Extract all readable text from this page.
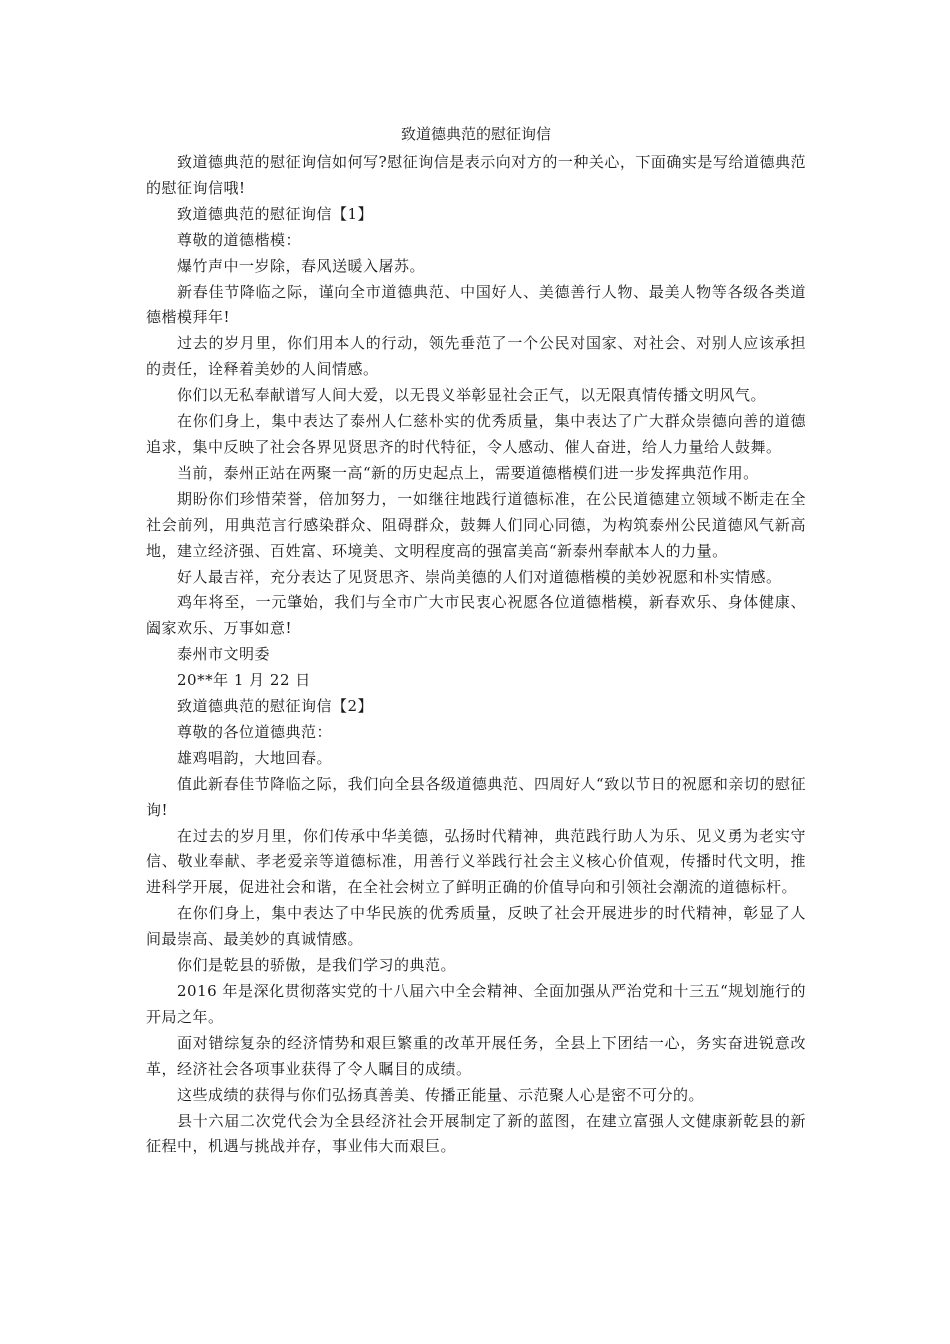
致道德典范的慰征询信

致道德典范的慰征询信如何写?慰征询信是表示向对方的一种关心，下面确实是写给道德典范的慰征询信哦!

致道德典范的慰征询信【1】

尊敬的道德楷模：

爆竹声中一岁除，春风送暖入屠苏。

新春佳节降临之际，谨向全市道德典范、中国好人、美德善行人物、最美人物等各级各类道德楷模拜年!

过去的岁月里，你们用本人的行动，领先垂范了一个公民对国家、对社会、对别人应该承担的责任，诠释着美妙的人间情感。

你们以无私奉献谱写人间大爱，以无畏义举彰显社会正气，以无限真情传播文明风气。

在你们身上，集中表达了泰州人仁慈朴实的优秀质量，集中表达了广大群众崇德向善的道德追求，集中反映了社会各界见贤思齐的时代特征，令人感动、催人奋进，给人力量给人鼓舞。

当前，泰州正站在两聚一高“新的历史起点上，需要道德楷模们进一步发挥典范作用。

期盼你们珍惜荣誉，倍加努力，一如继往地践行道德标准，在公民道德建立领域不断走在全社会前列，用典范言行感染群众、阻碍群众，鼓舞人们同心同德，为构筑泰州公民道德风气新高地，建立经济强、百姓富、环境美、文明程度高的强富美高“新泰州奉献本人的力量。

好人最吉祥，充分表达了见贤思齐、崇尚美德的人们对道德楷模的美妙祝愿和朴实情感。

鸡年将至，一元肇始，我们与全市广大市民衷心祝愿各位道德楷模，新春欢乐、身体健康、阖家欢乐、万事如意!

泰州市文明委

20**年 1 月 22 日

致道德典范的慰征询信【2】

尊敬的各位道德典范：

雄鸡唱韵，大地回春。

值此新春佳节降临之际，我们向全县各级道德典范、四周好人“致以节日的祝愿和亲切的慰征询!

在过去的岁月里，你们传承中华美德，弘扬时代精神，典范践行助人为乐、见义勇为老实守信、敬业奉献、孝老爱亲等道德标准，用善行义举践行社会主义核心价值观，传播时代文明，推进科学开展，促进社会和谐，在全社会树立了鲜明正确的价值导向和引领社会潮流的道德标杆。

在你们身上，集中表达了中华民族的优秀质量，反映了社会开展进步的时代精神，彰显了人间最崇高、最美妙的真诚情感。

你们是乾县的骄傲，是我们学习的典范。

2016 年是深化贯彻落实党的十八届六中全会精神、全面加强从严治党和十三五“规划施行的开局之年。

面对错综复杂的经济情势和艰巨繁重的改革开展任务，全县上下团结一心，务实奋进锐意改革，经济社会各项事业获得了令人瞩目的成绩。

这些成绩的获得与你们弘扬真善美、传播正能量、示范聚人心是密不可分的。

县十六届二次党代会为全县经济社会开展制定了新的蓝图，在建立富强人文健康新乾县的新征程中，机遇与挑战并存，事业伟大而艰巨。
